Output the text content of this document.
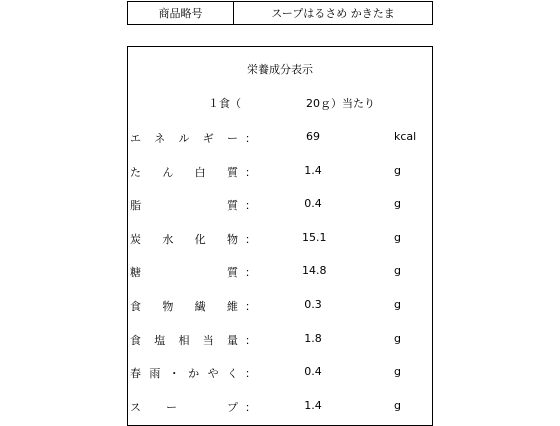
商品略号	スープはるさめ かきたま
栄養成分表示
１食（	20ｇ）当たり
エ ネ ル ギ ー ：	69	kcal
た ん 白 質 ：	1.4	g
脂	質 ：	0.4	g
炭 水 化 物 ：	15.1	g
糖	質 ：	14.8	g
食 物 繊 維 ：	0.3	g
食 塩 相 当 量 ：	1.8	g
春 雨 ・ か や く ：	0.4	g
ス ー	プ ：	1.4	g
